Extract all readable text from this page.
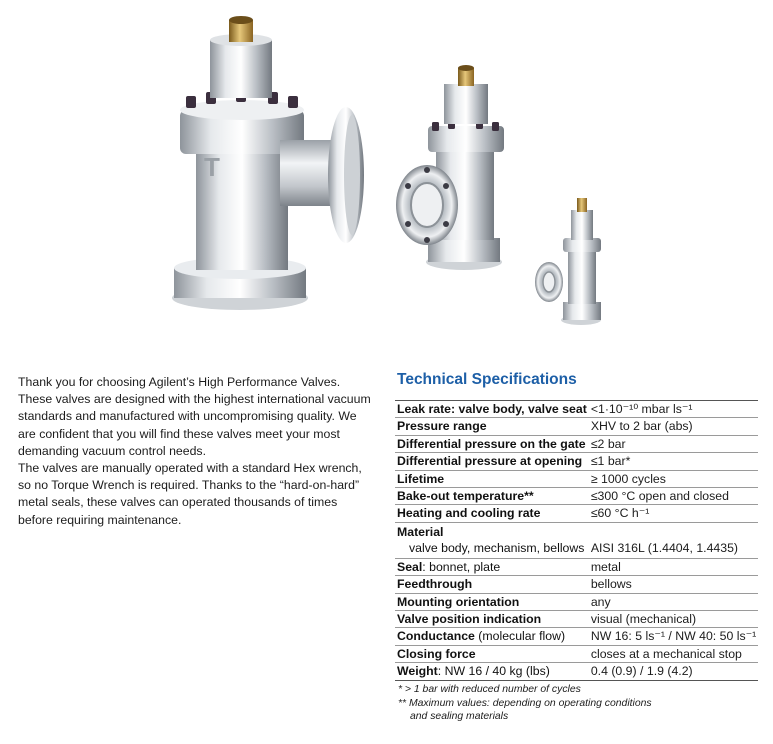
T

Thank you for choosing Agilent’s High Performance Valves. These valves are designed with the highest international vacuum standards and manufactured with uncompromising quality. We are confident that you will find these valves meet your most demanding vacuum control needs.

The valves are manually operated with a standard Hex wrench, so no Torque Wrench is required. Thanks to the “hard-on-hard” metal seals, these valves can operated thousands of times before requiring maintenance.

Technical Specifications
Leak rate: valve body, valve seat	<1·10⁻¹⁰ mbar ls⁻¹
Pressure range	XHV to 2 bar (abs)
Differential pressure on the gate	≤2 bar
Differential pressure at opening	≤1 bar*
Lifetime	≥ 1000 cycles
Bake-out temperature**	≤300 °C open and closed
Heating and cooling rate	≤60 °C h⁻¹
Material
valve body, mechanism, bellows	AISI 316L (1.4404, 1.4435)
Seal: bonnet, plate	metal
Feedthrough	bellows
Mounting orientation	any
Valve position indication	visual (mechanical)
Conductance (molecular flow)	NW 16: 5 ls⁻¹ / NW 40: 50 ls⁻¹
Closing force	closes at a mechanical stop
Weight: NW 16 / 40 kg (lbs)	0.4 (0.9) / 1.9 (4.2)
* > 1 bar with reduced number of cycles
** Maximum values: depending on operating conditions
and sealing materials
